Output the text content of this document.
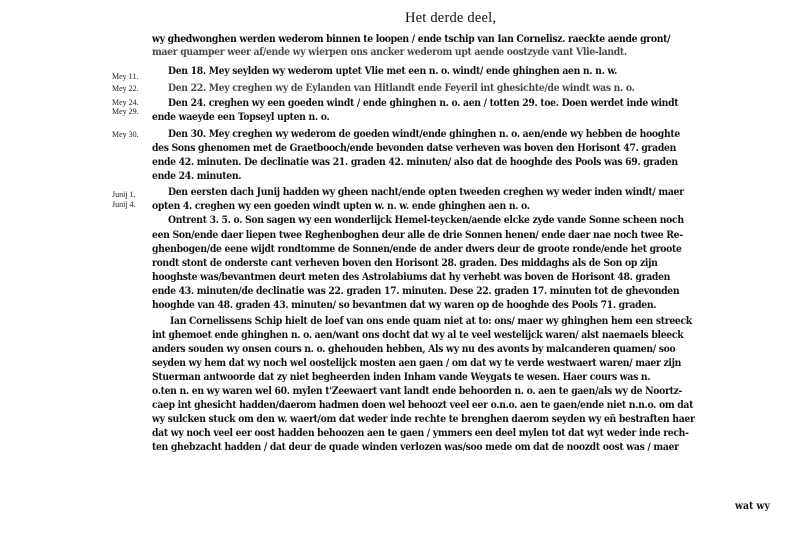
Het derde deel,
Mey 11.
Mey 22.
Mey 24.
Mey 29.
Mey 30.
Junij 1.
Junij 4.
wy ghedwonghen werden wederom binnen te loopen / ende tschip van Ian Cornelisz. raeckte aende gront/
maer quamper weer af/ende wy wierpen ons ancker wederom upt aende oostzyde vant Vlie-landt.
Den 18. Mey seylden wy wederom uptet Vlie met een n. o. windt/ ende ghinghen aen n. n. w.
Den 22. Mey creghen wy de Eylanden van Hitlandt ende Feyeril int ghesichte/de windt was n. o.
Den 24. creghen wy een goeden windt / ende ghinghen n. o. aen / totten 29. toe. Doen werdet inde windt
ende waeyde een Topseyl upten n. o.
Den 30. Mey creghen wy wederom de goeden windt/ende ghinghen n. o. aen/ende wy hebben de hooghte
des Sons ghenomen met de Graetbooch/ende bevonden datse verheven was boven den Horisont 47. graden
ende 42. minuten. De declinatie was 21. graden 42. minuten/ also dat de hooghde des Pools was 69. graden
ende 24. minuten.
Den eersten dach Junij hadden wy gheen nacht/ende opten tweeden creghen wy weder inden windt/ maer
opten 4. creghen wy een goeden windt upten w. n. w. ende ghinghen aen n. o.
Ontrent 3. 5. o. Son sagen wy een wonderlijck Hemel-teycken/aende elcke zyde vande Sonne scheen noch
een Son/ende daer liepen twee Reghenboghen deur alle de drie Sonnen henen/ ende daer nae noch twee Re-
ghenbogen/de eene wijdt rondtomme de Sonnen/ende de ander dwers deur de groote ronde/ende het groote
rondt stont de onderste cant verheven boven den Horisont 28. graden. Des middaghs als de Son op zijn
hooghste was/bevantmen deurt meten des Astrolabiums dat hy verhebt was boven de Horisont 48. graden
ende 43. minuten/de declinatie was 22. graden 17. minuten. Dese 22. graden 17. minuten tot de ghevonden
hooghde van 48. graden 43. minuten/ so bevantmen dat wy waren op de hooghde des Pools 71. graden.
Ian Cornelissens Schip hielt de loef van ons ende quam niet at to: ons/ maer wy ghinghen hem een streeck
int ghemoet ende ghinghen n. o. aen/want ons docht dat wy al te veel westelijck waren/ alst naemaels bleeck
anders souden wy onsen cours n. o. ghehouden hebben, Als wy nu des avonts by malcanderen quamen/ soo
seyden wy hem dat wy noch wel oostelijck mosten aen gaen / om dat wy te verde westwaert waren/ maer zijn
Stuerman antwoorde dat zy niet begheerden inden Inham vande Weygats te wesen. Haer cours was n.
o.ten n. en wy waren wel 60. mylen t'Zeewaert vant landt ende behoorden n. o. aen te gaen/als wy de Noortz-
caep int ghesicht hadden/daerom hadmen doen wel behoozt veel eer o.n.o. aen te gaen/ende niet n.n.o. om dat
wy sulcken stuck om den w. waert/om dat weder inde rechte te brenghen daerom seyden wy eñ bestraften haer
dat wy noch veel eer oost hadden behoozen aen te gaen / ymmers een deel mylen tot dat wyt weder inde rech-
ten ghebzacht hadden / dat deur de quade winden verlozen was/soo mede om dat de noozdt oost was / maer
wat wy
